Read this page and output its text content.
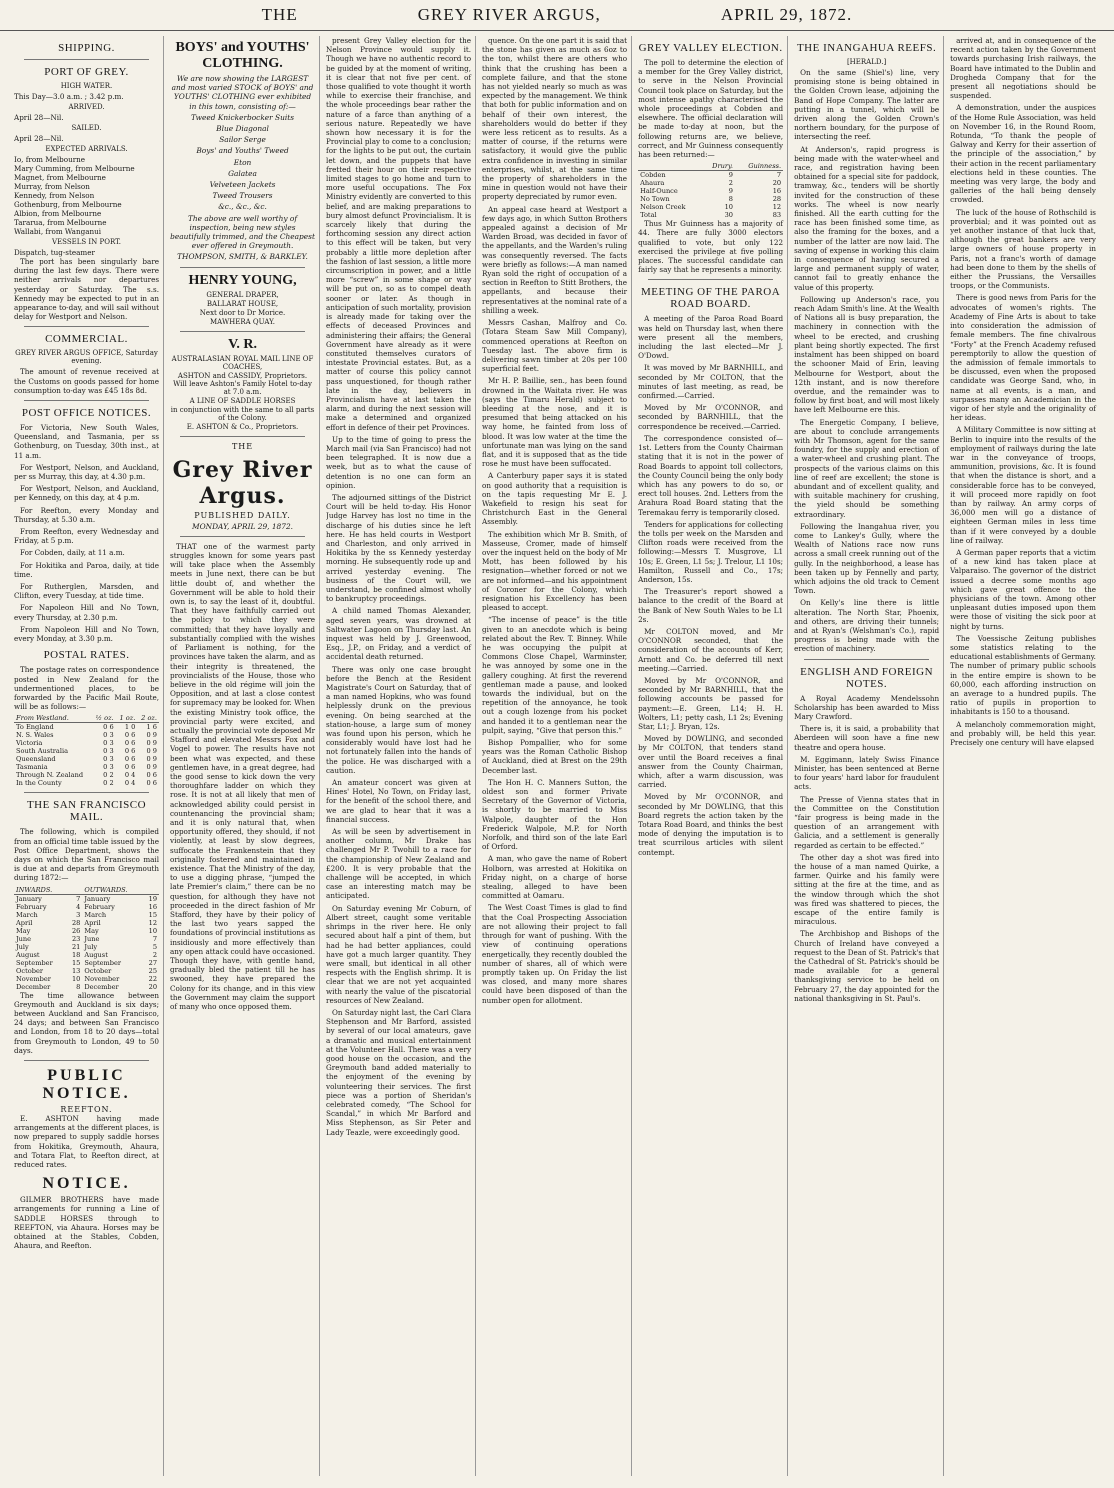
THE	GREY RIVER ARGUS,	APRIL 29, 1872.
SHIPPING.
PORT OF GREY.
HIGH WATER.
This Day—3.0 a.m. ; 3.42 p.m.
ARRIVED.
April 28—Nil.
SAILED.
April 28—Nil.
EXPECTED ARRIVALS.
Io, from Melbourne
Mary Cumming, from Melbourne
Magnet, from Melbourne
Murray, from Nelson
Kennedy, from Nelson
Gothenburg, from Melbourne
Albion, from Melbourne
Tararua, from Melbourne
Wallabi, from Wanganui
VESSELS IN PORT.
Dispatch, tug-steamer

The port has been singularly bare during the last few days. There were neither arrivals nor departures yesterday or Saturday. The s.s. Kennedy may be expected to put in an appearance to-day, and will sail without delay for Westport and Nelson.

COMMERCIAL.
GREY RIVER ARGUS OFFICE, Saturday evening.

The amount of revenue received at the Customs on goods passed for home consumption to-day was £45 18s 8d.

POST OFFICE NOTICES.

For Victoria, New South Wales, Queensland, and Tasmania, per ss Gothenburg, on Tuesday, 30th inst., at 11 a.m.

For Westport, Nelson, and Auckland, per ss Murray, this day, at 4.30 p.m.

For Westport, Nelson, and Auckland, per Kennedy, on this day, at 4 p.m.

For Reefton, every Monday and Thursday, at 5.30 a.m.

From Reefton, every Wednesday and Friday, at 5 p.m.

For Cobden, daily, at 11 a.m.

For Hokitika and Paroa, daily, at tide time.

For Rutherglen, Marsden, and Clifton, every Tuesday, at tide time.

For Napoleon Hill and No Town, every Thursday, at 2.30 p.m.

From Napoleon Hill and No Town, every Monday, at 3.30 p.m.

POSTAL RATES.

The postage rates on correspondence posted in New Zealand for the undermentioned places, to be forwarded by the Pacific Mail Route, will be as follows:—

From Westland.	½ oz.	1 oz.	2 oz.
To England	0 6	1 0	1 6
N. S. Wales	0 3	0 6	0 9
Victoria	0 3	0 6	0 9
South Australia	0 3	0 6	0 9
Queensland	0 3	0 6	0 9
Tasmania	0 3	0 6	0 9
Through N. Zealand	0 2	0 4	0 6
In the County	0 2	0 4	0 6
THE SAN FRANCISCO MAIL.

The following, which is compiled from an official time table issued by the Post Office Department, shows the days on which the San Francisco mail is due at and departs from Greymouth during 1872:—

INWARDS.		OUTWARDS.	
January	7	January	19
February	4	February	16
March	3	March	15
April	28	April	12
May	26	May	10
June	23	June	7
July	21	July	5
August	18	August	2
September	15	September	27
October	13	October	25
November	10	November	22
December	8	December	20

The time allowance between Greymouth and Auckland is six days; between Auckland and San Francisco, 24 days; and between San Francisco and London, from 18 to 20 days—total from Greymouth to London, 49 to 50 days.

PUBLIC NOTICE.
REEFTON.

E. ASHTON having made arrangements at the different places, is now prepared to supply saddle horses from Hokitika, Greymouth, Ahaura, and Totara Flat, to Reefton direct, at reduced rates.

NOTICE.

GILMER BROTHERS have made arrangements for running a Line of SADDLE HORSES through to REEFTON, via Ahaura. Horses may be obtained at the Stables, Cobden, Ahaura, and Reefton.

BOYS' and YOUTHS' CLOTHING.
We are now showing the LARGEST and most varied STOCK of BOYS' and YOUTHS' CLOTHING ever exhibited in this town, consisting of:—
Tweed Knickerbocker Suits
Blue Diagonal
Sailor Serge
Boys' and Youths' Tweed
Eton
Galatea
Velveteen Jackets
Tweed Trousers
&c., &c., &c.
The above are well worthy of inspection, being new styles beautifully trimmed, and the Cheapest ever offered in Greymouth.
THOMPSON, SMITH, & BARKLEY.
HENRY YOUNG,
GENERAL DRAPER,
BALLARAT HOUSE,
Next door to Dr Morice.
MAWHERA QUAY.
V. R.
AUSTRALASIAN ROYAL MAIL LINE OF COACHES,
ASHTON and CASSIDY, Proprietors. Will leave Ashton's Family Hotel to-day at 7.0 a.m.
A LINE OF SADDLE HORSES
in conjunction with the same to all parts of the Colony.
E. ASHTON & Co., Proprietors.
THE
Grey River Argus.
PUBLISHED DAILY.
MONDAY, APRIL 29, 1872.

THAT one of the warmest party struggles known for some years past will take place when the Assembly meets in June next, there can be but little doubt of, and whether the Government will be able to hold their own is, to say the least of it, doubtful. That they have faithfully carried out the policy to which they were committed; that they have loyally and substantially complied with the wishes of Parliament is nothing, for the provinces have taken the alarm, and as their integrity is threatened, the provincialists of the House, those who believe in the old régime will join the Opposition, and at last a close contest for supremacy may be looked for. When the existing Ministry took office, the provincial party were excited, and actually the provincial vote deposed Mr Stafford and elevated Messrs Fox and Vogel to power. The results have not been what was expected, and these gentlemen have, in a great degree, had the good sense to kick down the very thoroughfare ladder on which they rose. It is not at all likely that men of acknowledged ability could persist in countenancing the provincial sham; and it is only natural that, when opportunity offered, they should, if not violently, at least by slow degrees, suffocate the Frankenstein that they originally fostered and maintained in existence. That the Ministry of the day, to use a digging phrase, “jumped the late Premier's claim,” there can be no question, for although they have not proceeded in the direct fashion of Mr Stafford, they have by their policy of the last two years sapped the foundations of provincial institutions as insidiously and more effectively than any open attack could have occasioned. Though they have, with gentle hand, gradually bled the patient till he has swooned, they have prepared the Colony for its change, and in this view the Government may claim the support of many who once opposed them.

present Grey Valley election for the Nelson Province would supply it. Though we have no authentic record to be guided by at the moment of writing, it is clear that not five per cent. of those qualified to vote thought it worth while to exercise their franchise, and the whole proceedings bear rather the nature of a farce than anything of a serious nature. Repeatedly we have shown how necessary it is for the Provincial play to come to a conclusion; for the lights to be put out, the curtain let down, and the puppets that have fretted their hour on their respective limited stages to go home and turn to more useful occupations. The Fox Ministry evidently are converted to this belief, and are making preparations to bury almost defunct Provincialism. It is scarcely likely that during the forthcoming session any direct action to this effect will be taken, but very probably a little more depletion after the fashion of last session, a little more circumscription in power, and a little more “screw” in some shape or way will be put on, so as to compel death sooner or later. As though in anticipation of such mortality, provision is already made for taking over the effects of deceased Provinces and administering their affairs; the General Government have already as it were constituted themselves curators of intestate Provincial estates. But, as a matter of course this policy cannot pass unquestioned, for though rather late in the day, believers in Provincialism have at last taken the alarm, and during the next session will make a determined and organized effort in defence of their pet Provinces.

Up to the time of going to press the March mail (via San Francisco) had not been telegraphed. It is now due a week, but as to what the cause of detention is no one can form an opinion.

The adjourned sittings of the District Court will be held to-day. His Honor Judge Harvey has lost no time in the discharge of his duties since he left here. He has held courts in Westport and Charleston, and only arrived in Hokitika by the ss Kennedy yesterday morning. He subsequently rode up and arrived yesterday evening. The business of the Court will, we understand, be confined almost wholly to bankruptcy proceedings.

A child named Thomas Alexander, aged seven years, was drowned at Saltwater Lagoon on Thursday last. An inquest was held by J. Greenwood, Esq., J.P., on Friday, and a verdict of accidental death returned.

There was only one case brought before the Bench at the Resident Magistrate's Court on Saturday, that of a man named Hopkins, who was found helplessly drunk on the previous evening. On being searched at the station-house, a large sum of money was found upon his person, which he considerably would have lost had he not fortunately fallen into the hands of the police. He was discharged with a caution.

An amateur concert was given at Hines' Hotel, No Town, on Friday last, for the benefit of the school there, and we are glad to hear that it was a financial success.

As will be seen by advertisement in another column, Mr Drake has challenged Mr P. Twohill to a race for the championship of New Zealand and £200. It is very probable that the challenge will be accepted, in which case an interesting match may be anticipated.

On Saturday evening Mr Coburn, of Albert street, caught some veritable shrimps in the river here. He only secured about half a pint of them, but had he had better appliances, could have got a much larger quantity. They were small, but identical in all other respects with the English shrimp. It is clear that we are not yet acquainted with nearly the value of the piscatorial resources of New Zealand.

On Saturday night last, the Carl Clara Stephenson and Mr Barford, assisted by several of our local amateurs, gave a dramatic and musical entertainment at the Volunteer Hall. There was a very good house on the occasion, and the Greymouth band added materially to the enjoyment of the evening by volunteering their services. The first piece was a portion of Sheridan's celebrated comedy, “The School for Scandal,” in which Mr Barford and Miss Stephenson, as Sir Peter and Lady Teazle, were exceedingly good.

quence. On the one part it is said that the stone has given as much as 6oz to the ton, whilst there are others who think that the crushing has been a complete failure, and that the stone has not yielded nearly so much as was expected by the management. We think that both for public information and on behalf of their own interest, the shareholders would do better if they were less reticent as to results. As a matter of course, if the returns were satisfactory, it would give the public extra confidence in investing in similar enterprises, whilst, at the same time the property of shareholders in the mine in question would not have their property depreciated by rumor even.

An appeal case heard at Westport a few days ago, in which Sutton Brothers appealed against a decision of Mr Warden Broad, was decided in favor of the appellants, and the Warden's ruling was consequently reversed. The facts were briefly as follows:—A man named Ryan sold the right of occupation of a section in Reefton to Stitt Brothers, the appellants, and because their representatives at the nominal rate of a shilling a week.

Messrs Cashan, Malfroy and Co. (Totara Steam Saw Mill Company), commenced operations at Reefton on Tuesday last. The above firm is delivering sawn timber at 20s per 100 superficial feet.

Mr H. P. Baillie, sen., has been found drowned in the Waitata river. He was (says the Timaru Herald) subject to bleeding at the nose, and it is presumed that being attacked on his way home, he fainted from loss of blood. It was low water at the time the unfortunate man was lying on the sand flat, and it is supposed that as the tide rose he must have been suffocated.

A Canterbury paper says it is stated on good authority that a requisition is on the tapis requesting Mr E. J. Wakefield to resign his seat for Christchurch East in the General Assembly.

The exhibition which Mr B. Smith, of Masseuse, Cromer, made of himself over the inquest held on the body of Mr Mott, has been followed by his resignation—whether forced or not we are not informed—and his appointment of Coroner for the Colony, which resignation his Excellency has been pleased to accept.

“The incense of peace” is the title given to an anecdote which is being related about the Rev. T. Binney. While he was occupying the pulpit at Commons Close Chapel, Warminster, he was annoyed by some one in the gallery coughing. At first the reverend gentleman made a pause, and looked towards the individual, but on the repetition of the annoyance, he took out a cough lozenge from his pocket and handed it to a gentleman near the pulpit, saying, “Give that person this.”

Bishop Pompallier, who for some years was the Roman Catholic Bishop of Auckland, died at Brest on the 29th December last.

The Hon H. C. Manners Sutton, the oldest son and former Private Secretary of the Governor of Victoria, is shortly to be married to Miss Walpole, daughter of the Hon Frederick Walpole, M.P. for North Norfolk, and third son of the late Earl of Orford.

A man, who gave the name of Robert Holborn, was arrested at Hokitika on Friday night, on a charge of horse stealing, alleged to have been committed at Oamaru.

The West Coast Times is glad to find that the Coal Prospecting Association are not allowing their project to fall through for want of pushing. With the view of continuing operations energetically, they recently doubled the number of shares, all of which were promptly taken up. On Friday the list was closed, and many more shares could have been disposed of than the number open for allotment.

GREY VALLEY ELECTION.

The poll to determine the election of a member for the Grey Valley district, to serve in the Nelson Provincial Council took place on Saturday, but the most intense apathy characterised the whole proceedings at Cobden and elsewhere. The official declaration will be made to-day at noon, but the following returns are, we believe, correct, and Mr Guinness consequently has been returned:—

	Drury.	Guinness.
Cobden	9	7
Ahaura	2	20
Half-Ounce	9	16
No Town	8	28
Nelson Creek	10	12
Total	30	83

Thus Mr Guinness has a majority of 44. There are fully 3000 electors qualified to vote, but only 122 exercised the privilege at five polling places. The successful candidate can fairly say that he represents a minority.

MEETING OF THE PAROA ROAD BOARD.

A meeting of the Paroa Road Board was held on Thursday last, when there were present all the members, including the last elected—Mr J. O'Dowd.

It was moved by Mr BARNHILL, and seconded by Mr COLTON, that the minutes of last meeting, as read, be confirmed.—Carried.

Moved by Mr O'CONNOR, and seconded by BARNHILL, that the correspondence be received.—Carried.

The correspondence consisted of—1st. Letters from the County Chairman stating that it is not in the power of Road Boards to appoint toll collectors, the County Council being the only body which has any powers to do so, or erect toll houses. 2nd. Letters from the Arahura Road Board stating that the Teremakau ferry is temporarily closed.

Tenders for applications for collecting the tolls per week on the Marsden and Clifton roads were received from the following:—Messrs T. Musgrove, L1 10s; E. Green, L1 5s; J. Trelour, L1 10s; Hamilton, Russell and Co., 17s; Anderson, 15s.

The Treasurer's report showed a balance to the credit of the Board at the Bank of New South Wales to be L1 2s.

Mr COLTON moved, and Mr O'CONNOR seconded, that the consideration of the accounts of Kerr, Arnott and Co. be deferred till next meeting.—Carried.

Moved by Mr O'CONNOR, and seconded by Mr BARNHILL, that the following accounts be passed for payment:—E. Green, L14; H. H. Wolters, L1; petty cash, L1 2s; Evening Star, L1; J. Bryan, 12s.

Moved by DOWLING, and seconded by Mr COLTON, that tenders stand over until the Board receives a final answer from the County Chairman, which, after a warm discussion, was carried.

Moved by Mr O'CONNOR, and seconded by Mr DOWLING, that this Board regrets the action taken by the Totara Road Board, and thinks the best mode of denying the imputation is to treat scurrilous articles with silent contempt.

THE INANGAHUA REEFS.
[HERALD.]

On the same (Shiel's) line, very promising stone is being obtained in the Golden Crown lease, adjoining the Band of Hope Company. The latter are putting in a tunnel, which will be driven along the Golden Crown's northern boundary, for the purpose of intersecting the reef.

At Anderson's, rapid progress is being made with the water-wheel and race, and registration having been obtained for a special site for paddock, tramway, &c., tenders will be shortly invited for the construction of these works. The wheel is now nearly finished. All the earth cutting for the race has been finished some time, as also the framing for the boxes, and a number of the latter are now laid. The saving of expense in working this claim in consequence of having secured a large and permanent supply of water, cannot fail to greatly enhance the value of this property.

Following up Anderson's race, you reach Adam Smith's line. At the Wealth of Nations all is busy preparation, the machinery in connection with the wheel to be erected, and crushing plant being shortly expected. The first instalment has been shipped on board the schooner Maid of Erin, leaving Melbourne for Westport, about the 12th instant, and is now therefore overdue, and the remainder was to follow by first boat, and will most likely have left Melbourne ere this.

The Energetic Company, I believe, are about to conclude arrangements with Mr Thomson, agent for the same foundry, for the supply and erection of a water-wheel and crushing plant. The prospects of the various claims on this line of reef are excellent; the stone is abundant and of excellent quality, and with suitable machinery for crushing, the yield should be something extraordinary.

Following the Inangahua river, you come to Lankey's Gully, where the Wealth of Nations race now runs across a small creek running out of the gully. In the neighborhood, a lease has been taken up by Fennelly and party, which adjoins the old track to Cement Town.

On Kelly's line there is little alteration. The North Star, Phoenix, and others, are driving their tunnels; and at Ryan's (Welshman's Co.), rapid progress is being made with the erection of machinery.

ENGLISH AND FOREIGN NOTES.

A Royal Academy Mendelssohn Scholarship has been awarded to Miss Mary Crawford.

There is, it is said, a probability that Aberdeen will soon have a fine new theatre and opera house.

M. Eggimann, lately Swiss Finance Minister, has been sentenced at Berne to four years' hard labor for fraudulent acts.

The Presse of Vienna states that in the Committee on the Constitution “fair progress is being made in the question of an arrangement with Galicia, and a settlement is generally regarded as certain to be effected.”

The other day a shot was fired into the house of a man named Quirke, a farmer. Quirke and his family were sitting at the fire at the time, and as the window through which the shot was fired was shattered to pieces, the escape of the entire family is miraculous.

The Archbishop and Bishops of the Church of Ireland have conveyed a request to the Dean of St. Patrick's that the Cathedral of St. Patrick's should be made available for a general thanksgiving service to be held on February 27, the day appointed for the national thanksgiving in St. Paul's.

arrived at, and in consequence of the recent action taken by the Government towards purchasing Irish railways, the Board have intimated to the Dublin and Drogheda Company that for the present all negotiations should be suspended.

A demonstration, under the auspices of the Home Rule Association, was held on November 16, in the Round Room, Rotunda, “To thank the people of Galway and Kerry for their assertion of the principle of the association,” by their action in the recent parliamentary elections held in these counties. The meeting was very large, the body and galleries of the hall being densely crowded.

The luck of the house of Rothschild is proverbial; and it was pointed out as yet another instance of that luck that, although the great bankers are very large owners of house property in Paris, not a franc's worth of damage had been done to them by the shells of either the Prussians, the Versailles troops, or the Communists.

There is good news from Paris for the advocates of women's rights. The Academy of Fine Arts is about to take into consideration the admission of female members. The fine chivalrous “Forty” at the French Academy refused peremptorily to allow the question of the admission of female immortals to be discussed, even when the proposed candidate was George Sand, who, in name at all events, is a man, and surpasses many an Academician in the vigor of her style and the originality of her ideas.

A Military Committee is now sitting at Berlin to inquire into the results of the employment of railways during the late war in the conveyance of troops, ammunition, provisions, &c. It is found that when the distance is short, and a considerable force has to be conveyed, it will proceed more rapidly on foot than by railway. An army corps of 36,000 men will go a distance of eighteen German miles in less time than if it were conveyed by a double line of railway.

A German paper reports that a victim of a new kind has taken place at Valparaiso. The governor of the district issued a decree some months ago which gave great offence to the physicians of the town. Among other unpleasant duties imposed upon them were those of visiting the sick poor at night by turns.

The Voessische Zeitung publishes some statistics relating to the educational establishments of Germany. The number of primary public schools in the entire empire is shown to be 60,000, each affording instruction on an average to a hundred pupils. The ratio of pupils in proportion to inhabitants is 150 to a thousand.

A melancholy commemoration might, and probably will, be held this year. Precisely one century will have elapsed
